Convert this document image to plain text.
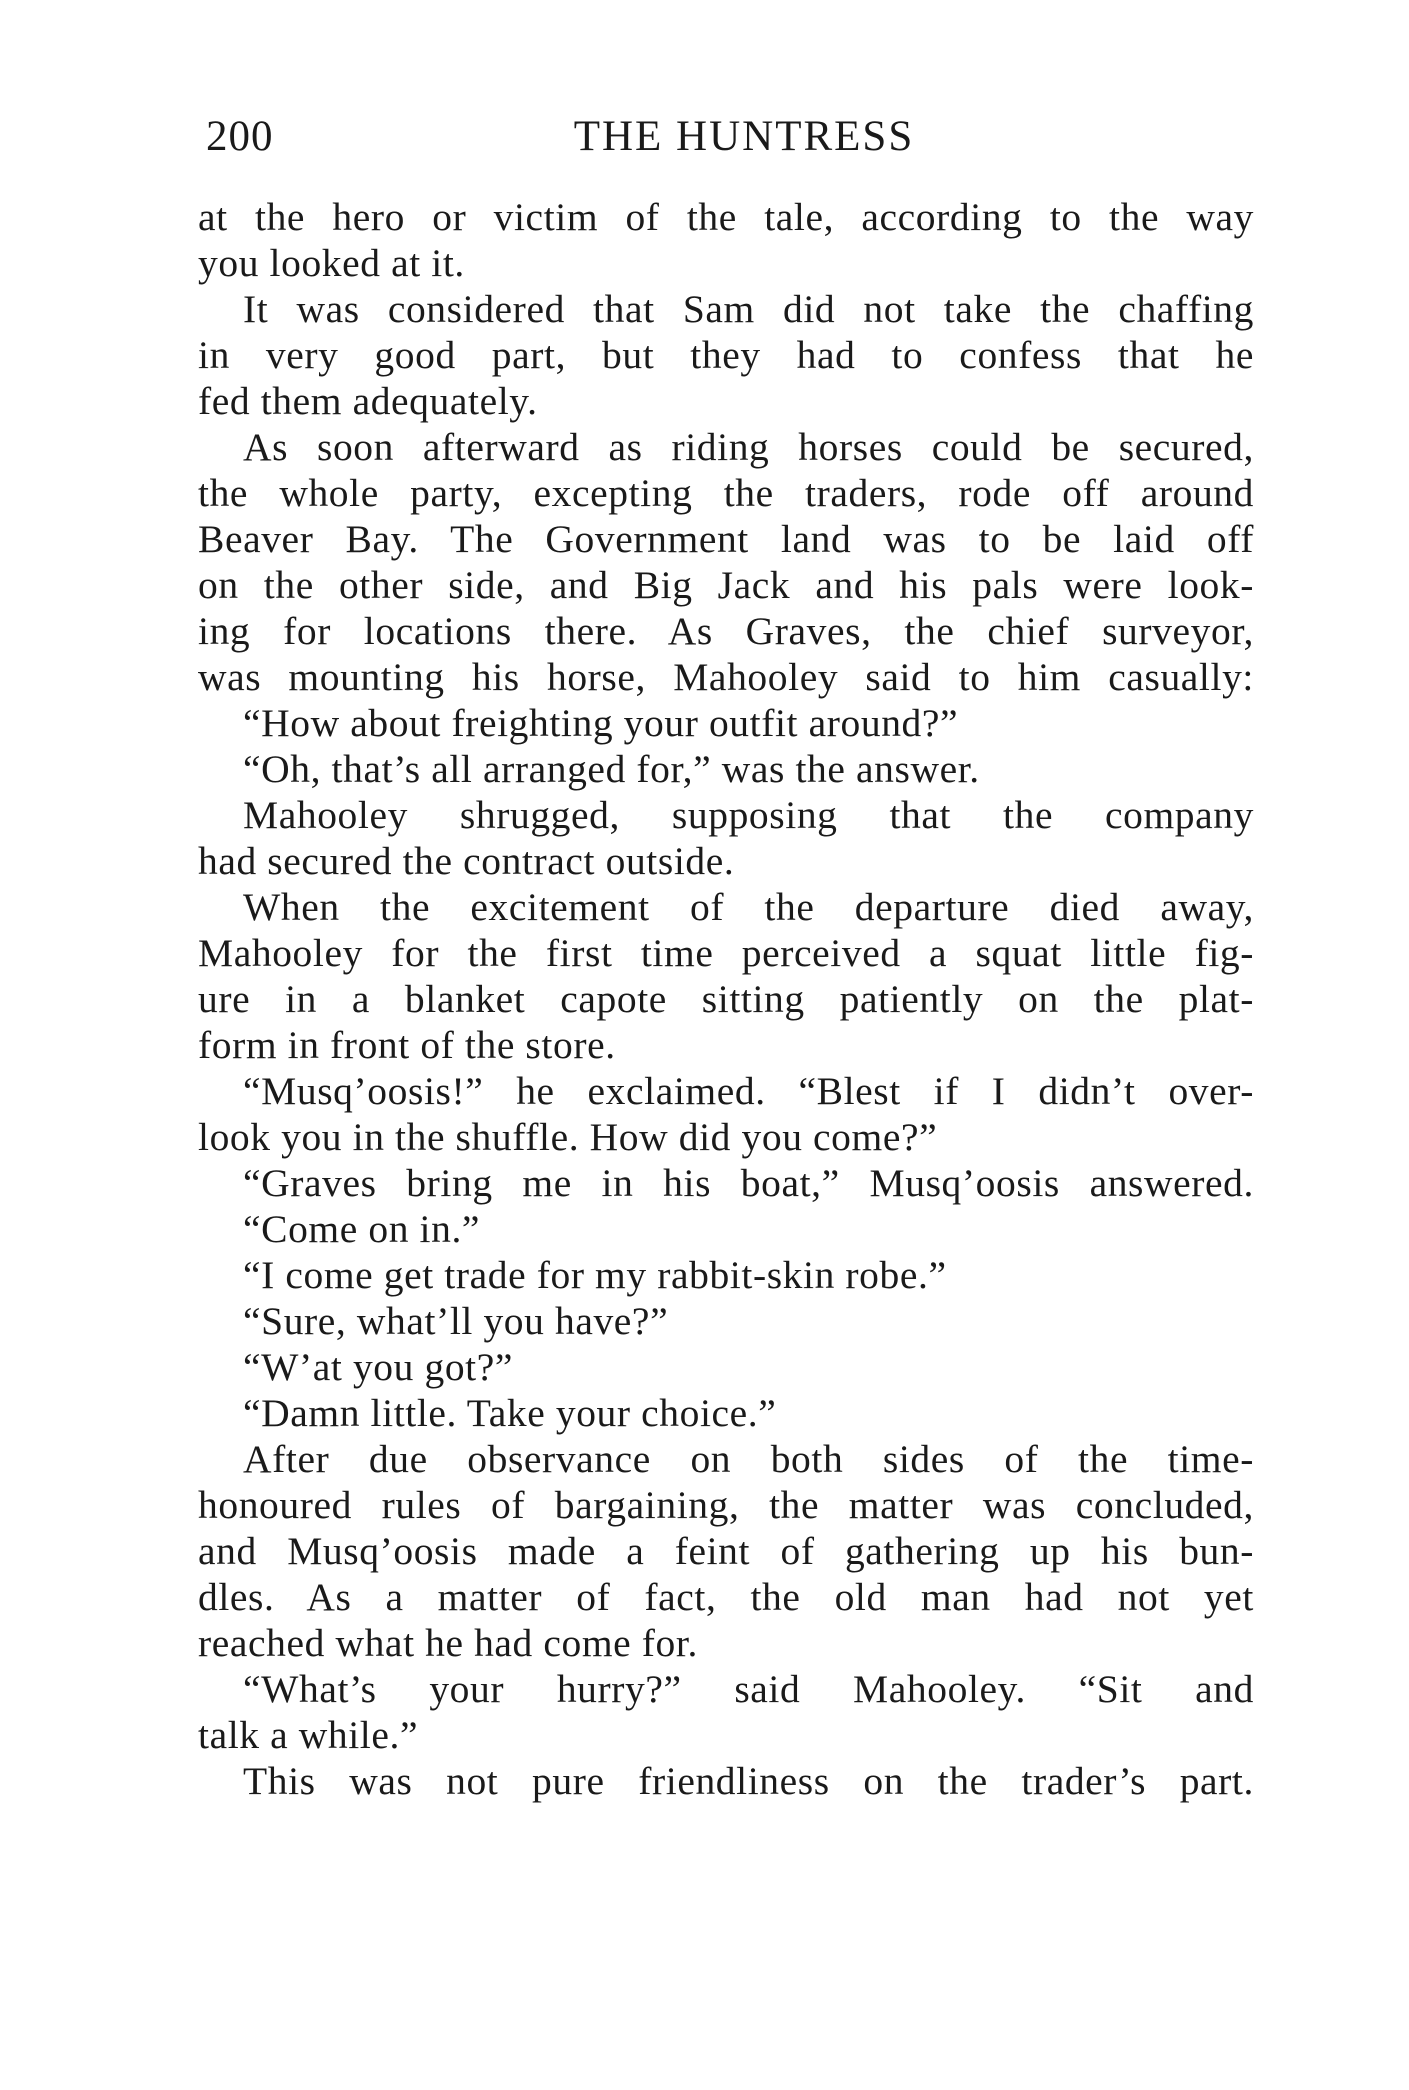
200	THE HUNTRESS
at the hero or victim of the tale, according to the way
you looked at it.
It was considered that Sam did not take the chaffing
in very good part, but they had to confess that he
fed them adequately.
As soon afterward as riding horses could be secured,
the whole party, excepting the traders, rode off around
Beaver Bay. The Government land was to be laid off
on the other side, and Big Jack and his pals were look-
ing for locations there. As Graves, the chief surveyor,
was mounting his horse, Mahooley said to him casually:
“How about freighting your outfit around?”
“Oh, that’s all arranged for,” was the answer.
Mahooley shrugged, supposing that the company
had secured the contract outside.
When the excitement of the departure died away,
Mahooley for the first time perceived a squat little fig-
ure in a blanket capote sitting patiently on the plat-
form in front of the store.
“Musq’oosis!” he exclaimed. “Blest if I didn’t over-
look you in the shuffle. How did you come?”
“Graves bring me in his boat,” Musq’oosis answered.
“Come on in.”
“I come get trade for my rabbit-skin robe.”
“Sure, what’ll you have?”
“W’at you got?”
“Damn little. Take your choice.”
After due observance on both sides of the time-
honoured rules of bargaining, the matter was concluded,
and Musq’oosis made a feint of gathering up his bun-
dles. As a matter of fact, the old man had not yet
reached what he had come for.
“What’s your hurry?” said Mahooley. “Sit and
talk a while.”
This was not pure friendliness on the trader’s part.
